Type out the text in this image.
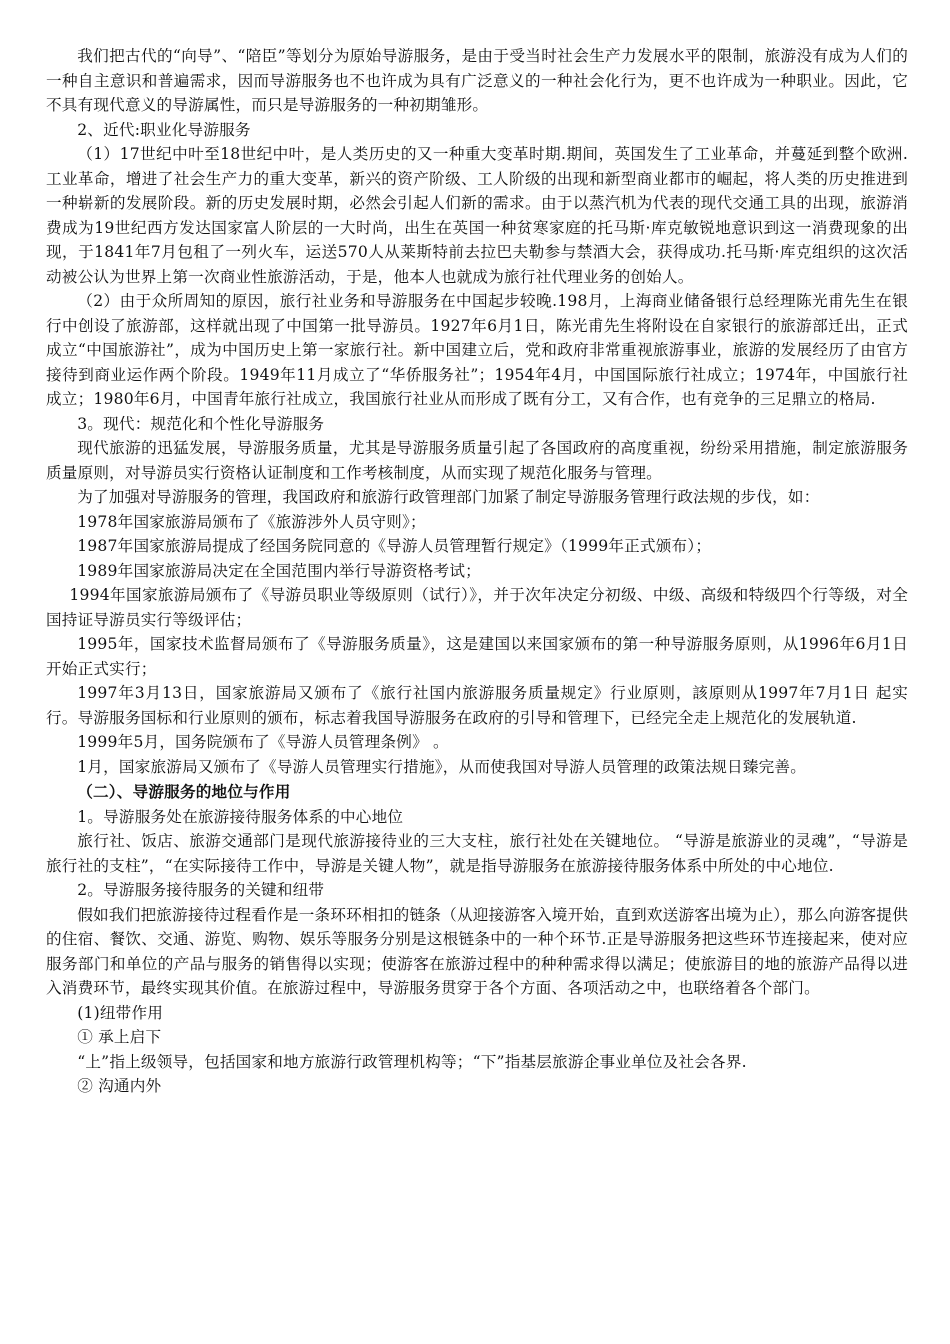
我们把古代的“向导”、“陪臣”等划分为原始导游服务，是由于受当时社会生产力发展水平的限制，旅游没有成为人们的一种自主意识和普遍需求，因而导游服务也不也许成为具有广泛意义的一种社会化行为，更不也许成为一种职业。因此，它不具有现代意义的导游属性，而只是导游服务的一种初期雏形。

2、近代:职业化导游服务

（1）17世纪中叶至18世纪中叶，是人类历史的又一种重大变革时期.期间，英国发生了工业革命，并蔓延到整个欧洲.工业革命，增进了社会生产力的重大变革，新兴的资产阶级、工人阶级的出现和新型商业都市的崛起，将人类的历史推进到一种崭新的发展阶段。新的历史发展时期，必然会引起人们新的需求。由于以蒸汽机为代表的现代交通工具的出现，旅游消费成为19世纪西方发达国家富人阶层的一大时尚，出生在英国一种贫寒家庭的托马斯·库克敏锐地意识到这一消费现象的出现，于1841年7月包租了一列火车，运送570人从莱斯特前去拉巴夫勒参与禁酒大会，获得成功.托马斯·库克组织的这次活动被公认为世界上第一次商业性旅游活动，于是，他本人也就成为旅行社代理业务的创始人。

（2）由于众所周知的原因，旅行社业务和导游服务在中国起步较晚.198月，上海商业储备银行总经理陈光甫先生在银行中创设了旅游部，这样就出现了中国第一批导游员。1927年6月1日，陈光甫先生将附设在自家银行的旅游部迁出，正式成立“中国旅游社”，成为中国历史上第一家旅行社。新中国建立后，党和政府非常重视旅游事业，旅游的发展经历了由官方接待到商业运作两个阶段。1949年11月成立了“华侨服务社”；1954年4月，中国国际旅行社成立；1974年，中国旅行社成立；1980年6月，中国青年旅行社成立，我国旅行社业从而形成了既有分工，又有合作，也有竞争的三足鼎立的格局.

3。现代：规范化和个性化导游服务

现代旅游的迅猛发展，导游服务质量，尤其是导游服务质量引起了各国政府的高度重视，纷纷采用措施，制定旅游服务质量原则，对导游员实行资格认证制度和工作考核制度，从而实现了规范化服务与管理。

为了加强对导游服务的管理，我国政府和旅游行政管理部门加紧了制定导游服务管理行政法规的步伐，如：

1978年国家旅游局颁布了《旅游涉外人员守则》；

1987年国家旅游局提成了经国务院同意的《导游人员管理暂行规定》（1999年正式颁布）；

1989年国家旅游局决定在全国范围内举行导游资格考试；

1994年国家旅游局颁布了《导游员职业等级原则（试行）》，并于次年决定分初级、中级、高级和特级四个行等级，对全国持证导游员实行等级评估；

1995年，国家技术监督局颁布了《导游服务质量》，这是建国以来国家颁布的第一种导游服务原则，从1996年6月1日开始正式实行；

1997年3月13日，国家旅游局又颁布了《旅行社国内旅游服务质量规定》行业原则，該原则从1997年7月1日 起实行。导游服务国标和行业原则的颁布，标志着我国导游服务在政府的引导和管理下，已经完全走上规范化的发展轨道.

1999年5月，国务院颁布了《导游人员管理条例》 。

1月，国家旅游局又颁布了《导游人员管理实行措施》，从而使我国对导游人员管理的政策法规日臻完善。

（二）、导游服务的地位与作用

1。导游服务处在旅游接待服务体系的中心地位

旅行社、饭店、旅游交通部门是现代旅游接待业的三大支柱，旅行社处在关键地位。 “导游是旅游业的灵魂”，“导游是旅行社的支柱”，“在实际接待工作中，导游是关键人物”，就是指导游服务在旅游接待服务体系中所处的中心地位.

2。导游服务接待服务的关键和纽带

假如我们把旅游接待过程看作是一条环环相扣的链条（从迎接游客入境开始，直到欢送游客出境为止），那么向游客提供的住宿、餐饮、交通、游览、购物、娱乐等服务分别是这根链条中的一种个环节.正是导游服务把这些环节连接起来，使对应服务部门和单位的产品与服务的销售得以实现；使游客在旅游过程中的种种需求得以满足；使旅游目的地的旅游产品得以进入消费环节，最终实现其价值。在旅游过程中，导游服务贯穿于各个方面、各项活动之中，也联络着各个部门。

(1)纽带作用

① 承上启下

“上”指上级领导，包括国家和地方旅游行政管理机构等；“下”指基层旅游企事业单位及社会各界.

② 沟通内外
